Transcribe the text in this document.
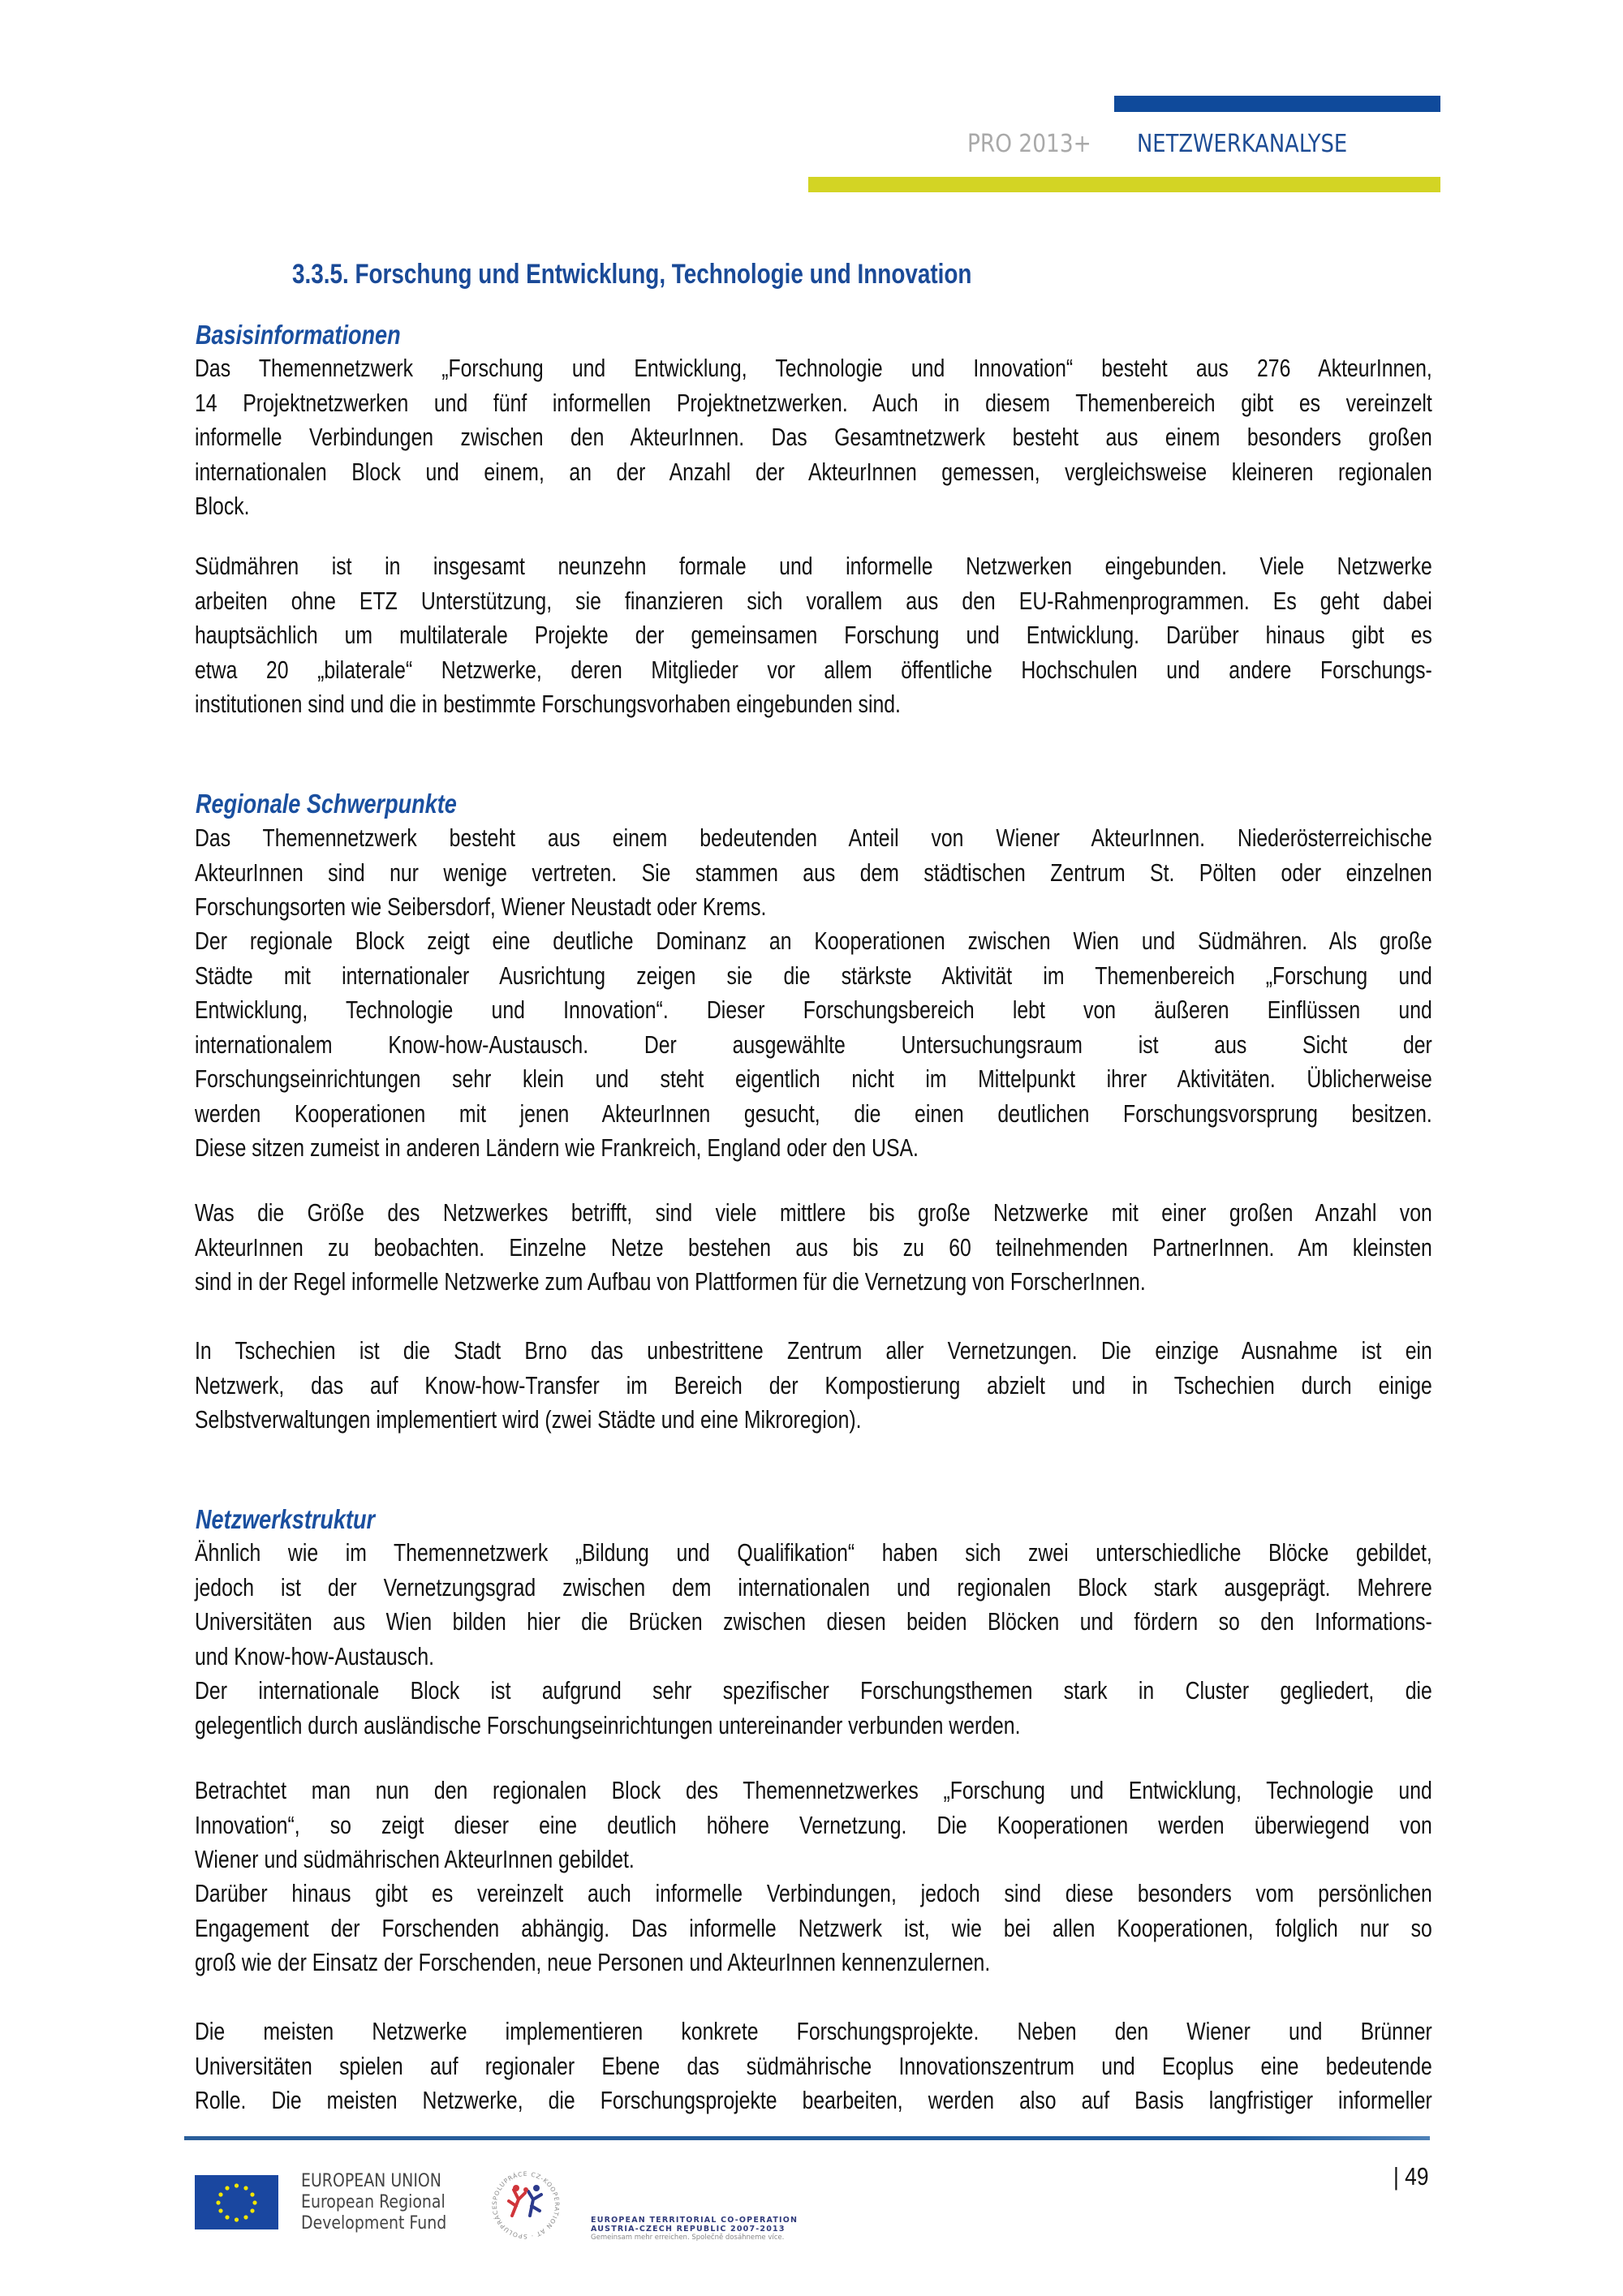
PRO 2013+ NETZWERKANALYSE
3.3.5. Forschung und Entwicklung, Technologie und Innovation
Basisinformationen
Das Themennetzwerk „Forschung und Entwicklung, Technologie und Innovation“ besteht aus 276 AkteurInnen,
14 Projektnetzwerken und fünf informellen Projektnetzwerken. Auch in diesem Themenbereich gibt es vereinzelt
informelle Verbindungen zwischen den AkteurInnen. Das Gesamtnetzwerk besteht aus einem besonders großen
internationalen Block und einem, an der Anzahl der AkteurInnen gemessen, vergleichsweise kleineren regionalen
Block.
Südmähren ist in insgesamt neunzehn formale und informelle Netzwerken eingebunden. Viele Netzwerke
arbeiten ohne ETZ Unterstützung, sie finanzieren sich vorallem aus den EU-Rahmenprogrammen. Es geht dabei
hauptsächlich um multilaterale Projekte der gemeinsamen Forschung und Entwicklung. Darüber hinaus gibt es
etwa 20 „bilaterale“ Netzwerke, deren Mitglieder vor allem öffentliche Hochschulen und andere Forschungs-
institutionen sind und die in bestimmte Forschungsvorhaben eingebunden sind.
Regionale Schwerpunkte
Das Themennetzwerk besteht aus einem bedeutenden Anteil von Wiener AkteurInnen. Niederösterreichische
AkteurInnen sind nur wenige vertreten. Sie stammen aus dem städtischen Zentrum St. Pölten oder einzelnen
Forschungsorten wie Seibersdorf, Wiener Neustadt oder Krems.
Der regionale Block zeigt eine deutliche Dominanz an Kooperationen zwischen Wien und Südmähren. Als große
Städte mit internationaler Ausrichtung zeigen sie die stärkste Aktivität im Themenbereich „Forschung und
Entwicklung, Technologie und Innovation“. Dieser Forschungsbereich lebt von äußeren Einflüssen und
internationalem Know-how-Austausch. Der ausgewählte Untersuchungsraum ist aus Sicht der
Forschungseinrichtungen sehr klein und steht eigentlich nicht im Mittelpunkt ihrer Aktivitäten. Üblicherweise
werden Kooperationen mit jenen AkteurInnen gesucht, die einen deutlichen Forschungsvorsprung besitzen.
Diese sitzen zumeist in anderen Ländern wie Frankreich, England oder den USA.
Was die Größe des Netzwerkes betrifft, sind viele mittlere bis große Netzwerke mit einer großen Anzahl von
AkteurInnen zu beobachten. Einzelne Netze bestehen aus bis zu 60 teilnehmenden PartnerInnen. Am kleinsten
sind in der Regel informelle Netzwerke zum Aufbau von Plattformen für die Vernetzung von ForscherInnen.
In Tschechien ist die Stadt Brno das unbestrittene Zentrum aller Vernetzungen. Die einzige Ausnahme ist ein
Netzwerk, das auf Know-how-Transfer im Bereich der Kompostierung abzielt und in Tschechien durch einige
Selbstverwaltungen implementiert wird (zwei Städte und eine Mikroregion).
Netzwerkstruktur
Ähnlich wie im Themennetzwerk „Bildung und Qualifikation“ haben sich zwei unterschiedliche Blöcke gebildet,
jedoch ist der Vernetzungsgrad zwischen dem internationalen und regionalen Block stark ausgeprägt. Mehrere
Universitäten aus Wien bilden hier die Brücken zwischen diesen beiden Blöcken und fördern so den Informations-
und Know-how-Austausch.
Der internationale Block ist aufgrund sehr spezifischer Forschungsthemen stark in Cluster gegliedert, die
gelegentlich durch ausländische Forschungseinrichtungen untereinander verbunden werden.
Betrachtet man nun den regionalen Block des Themennetzwerkes „Forschung und Entwicklung, Technologie und
Innovation“, so zeigt dieser eine deutlich höhere Vernetzung. Die Kooperationen werden überwiegend von
Wiener und südmährischen AkteurInnen gebildet.
Darüber hinaus gibt es vereinzelt auch informelle Verbindungen, jedoch sind diese besonders vom persönlichen
Engagement der Forschenden abhängig. Das informelle Netzwerk ist, wie bei allen Kooperationen, folglich nur so
groß wie der Einsatz der Forschenden, neue Personen und AkteurInnen kennenzulernen.
Die meisten Netzwerke implementieren konkrete Forschungsprojekte. Neben den Wiener und Brünner
Universitäten spielen auf regionaler Ebene das südmährische Innovationszentrum und Ecoplus eine bedeutende
Rolle. Die meisten Netzwerke, die Forschungsprojekte bearbeiten, werden also auf Basis langfristiger informeller
| 49
EUROPEAN UNION
European Regional
Development Fund
SPOLUPRÁCE CZ-KOOPERATION AT · SPOLUPRÁCE
EUROPEAN TERRITORIAL CO-OPERATION
AUSTRIA-CZECH REPUBLIC 2007-2013
Gemeinsam mehr erreichen. Společně dosáhneme více.
